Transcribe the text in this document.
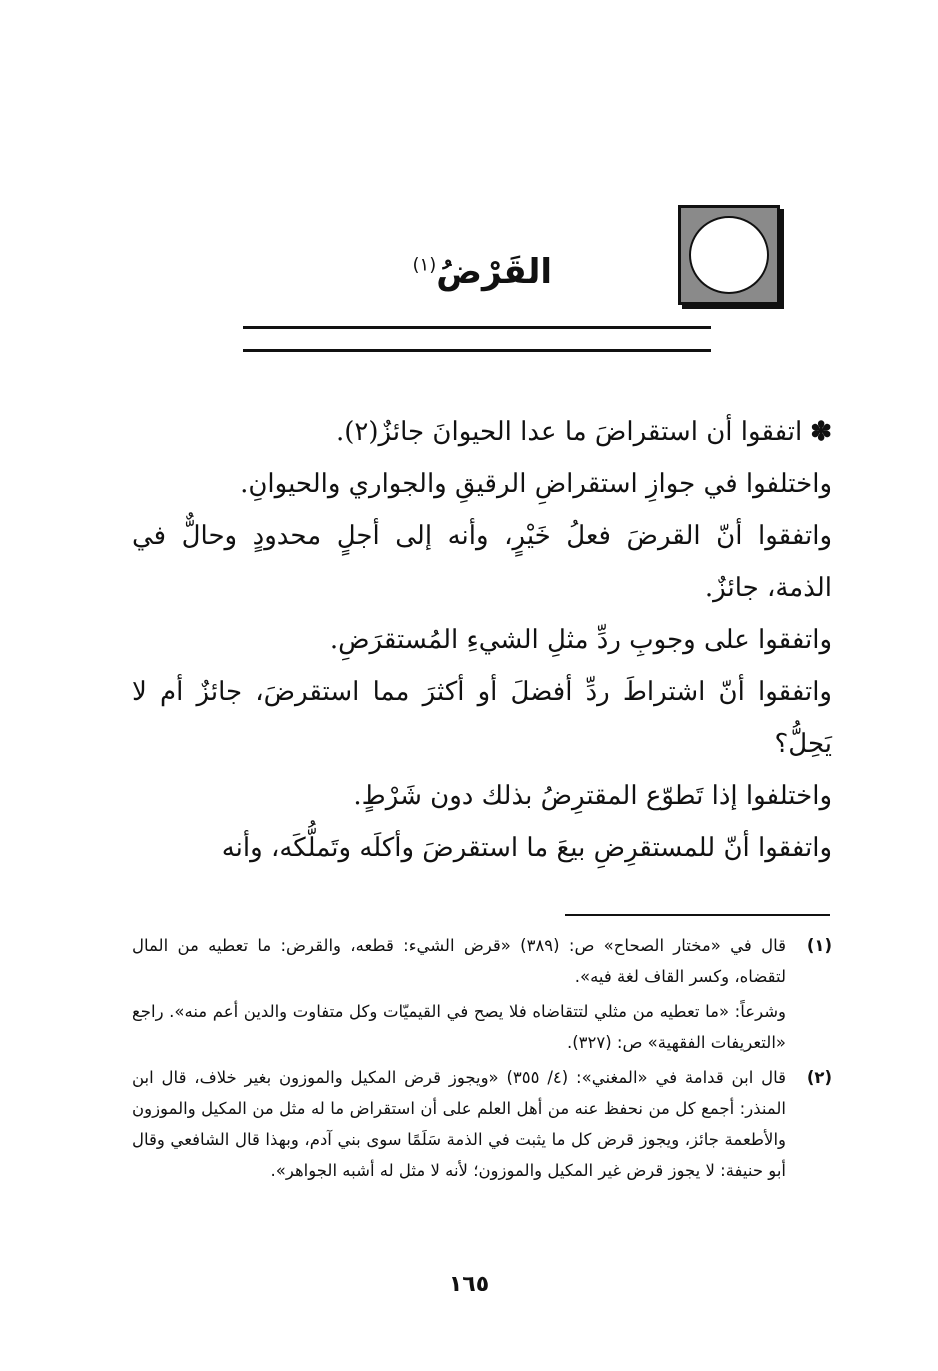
القَرْضُ$^{(١)}$

✽اتفقوا أن استقراضَ ما عدا الحيوانَ جائزٌ(٢).

واختلفوا في جوازِ استقراضِ الرقيقِ والجواري والحيوانِ.

واتفقوا أنّ القرضَ فعلُ خَيْرٍ، وأنه إلى أجلٍ محدودٍ وحالٌّ في الذمة، جائزٌ.

واتفقوا على وجوبِ ردِّ مثلِ الشيءِ المُستقرَضِ.

واتفقوا أنّ اشتراطَ ردِّ أفضلَ أو أكثرَ مما استقرضَ، جائزٌ أم لا يَحِلُّ؟

واختلفوا إذا تَطوّع المقترِضُ بذلك دون شَرْطٍ.

واتفقوا أنّ للمستقرِضِ بيعَ ما استقرضَ وأكلَه وتَملُّكَه، وأنه

(١)
قال في «مختار الصحاح» ص: (٣٨٩) «قرض الشيء: قطعه، والقرض: ما تعطيه من المال لتقضاه، وكسر القاف لغة فيه».
وشرعاً: «ما تعطيه من مثلي لتتقاضاه فلا يصح في القيميّات وكل متفاوت والدين أعم منه». راجع «التعريفات الفقهية» ص: (٣٢٧).
(٢)
قال ابن قدامة في «المغني»: (٤/ ٣٥٥) «ويجوز قرض المكيل والموزون بغير خلاف، قال ابن المنذر: أجمع كل من نحفظ عنه من أهل العلم على أن استقراض ما له مثل من المكيل والموزون والأطعمة جائز، ويجوز قرض كل ما يثبت في الذمة سَلَمًا سوى بني آدم، وبهذا قال الشافعي وقال أبو حنيفة: لا يجوز قرض غير المكيل والموزون؛ لأنه لا مثل له أشبه الجواهر».
١٦٥
